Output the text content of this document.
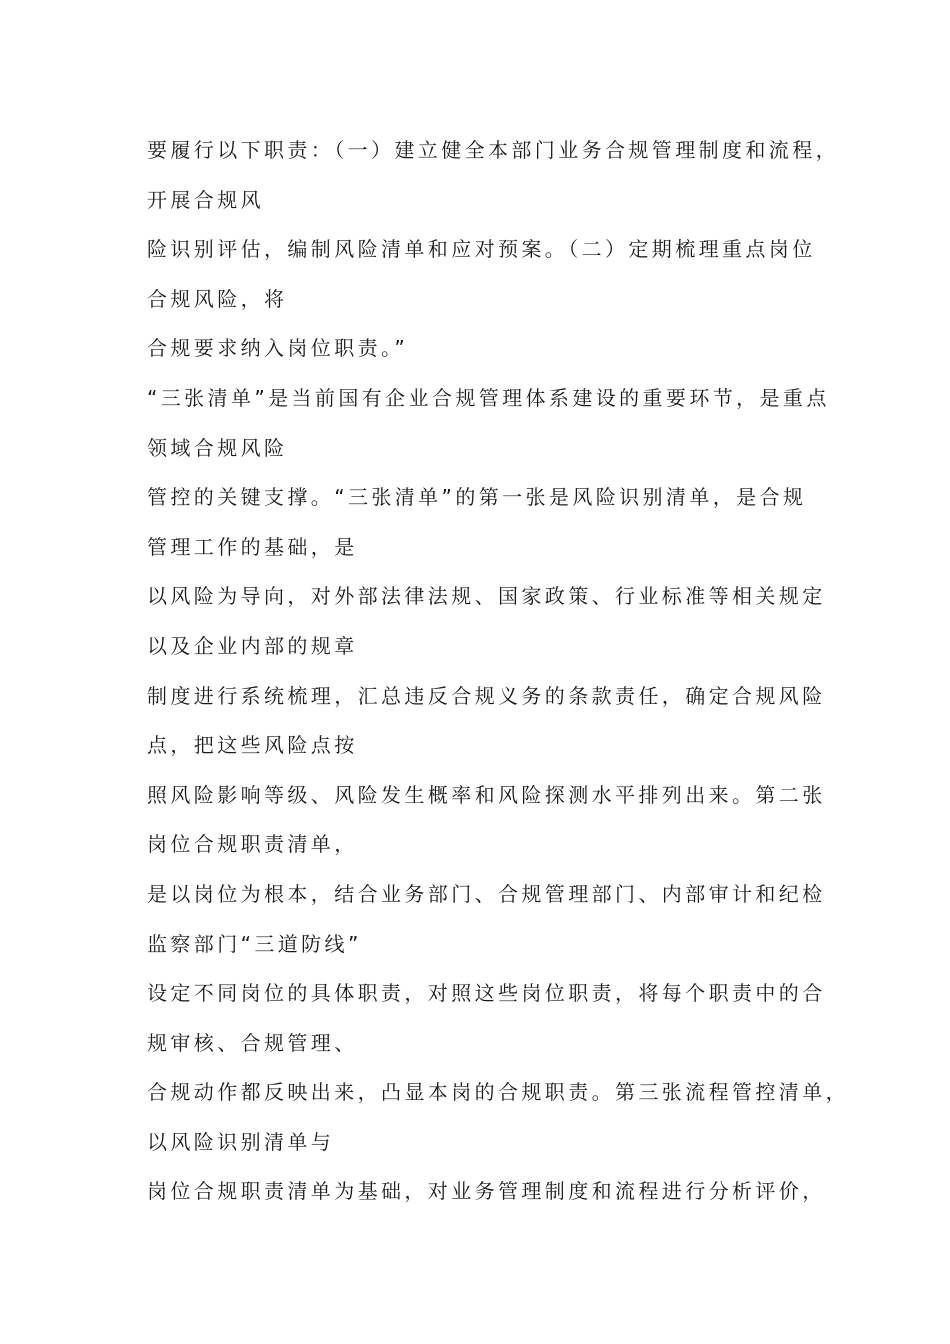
要履行以下职责：（一）建立健全本部门业务合规管理制度和流程，
开展合规风
险识别评估，编制风险清单和应对预案。（二）定期梳理重点岗位
合规风险，将
合规要求纳入岗位职责。”
“三张清单”是当前国有企业合规管理体系建设的重要环节，是重点
领域合规风险
管控的关键支撑。“三张清单”的第一张是风险识别清单，是合规
管理工作的基础，是
以风险为导向，对外部法律法规、国家政策、行业标准等相关规定
以及企业内部的规章
制度进行系统梳理，汇总违反合规义务的条款责任，确定合规风险
点，把这些风险点按
照风险影响等级、风险发生概率和风险探测水平排列出来。第二张
岗位合规职责清单，
是以岗位为根本，结合业务部门、合规管理部门、内部审计和纪检
监察部门“三道防线”
设定不同岗位的具体职责，对照这些岗位职责，将每个职责中的合
规审核、合规管理、
合规动作都反映出来，凸显本岗的合规职责。第三张流程管控清单，
以风险识别清单与
岗位合规职责清单为基础，对业务管理制度和流程进行分析评价，
